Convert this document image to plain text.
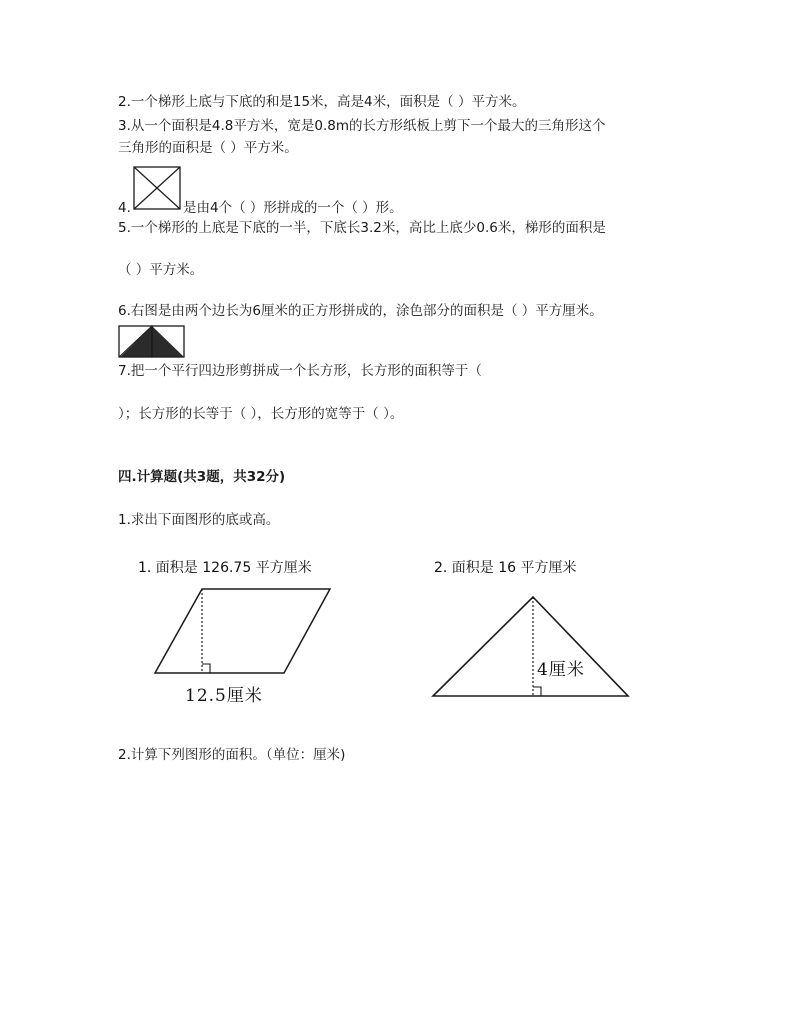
2.一个梯形上底与下底的和是15米，高是4米，面积是（ ）平方米。
3.从一个面积是4.8平方米，宽是0.8m的长方形纸板上剪下一个最大的三角形这个
三角形的面积是（ ）平方米。
4.	是由4个（ ）形拼成的一个（ ）形。
5.一个梯形的上底是下底的一半，下底长3.2米，高比上底少0.6米，梯形的面积是
（ ）平方米。
6.右图是由两个边长为6厘米的正方形拼成的，涂色部分的面积是（ ）平方厘米。
7.把一个平行四边形剪拼成一个长方形，长方形的面积等于（
）；长方形的长等于（ ），长方形的宽等于（ ）。
四.计算题(共3题，共32分)
1.求出下面图形的底或高。
1. 面积是 126.75 平方厘米
12.5厘米
2. 面积是 16 平方厘米
4厘米
2.计算下列图形的面积。（单位：厘米)
